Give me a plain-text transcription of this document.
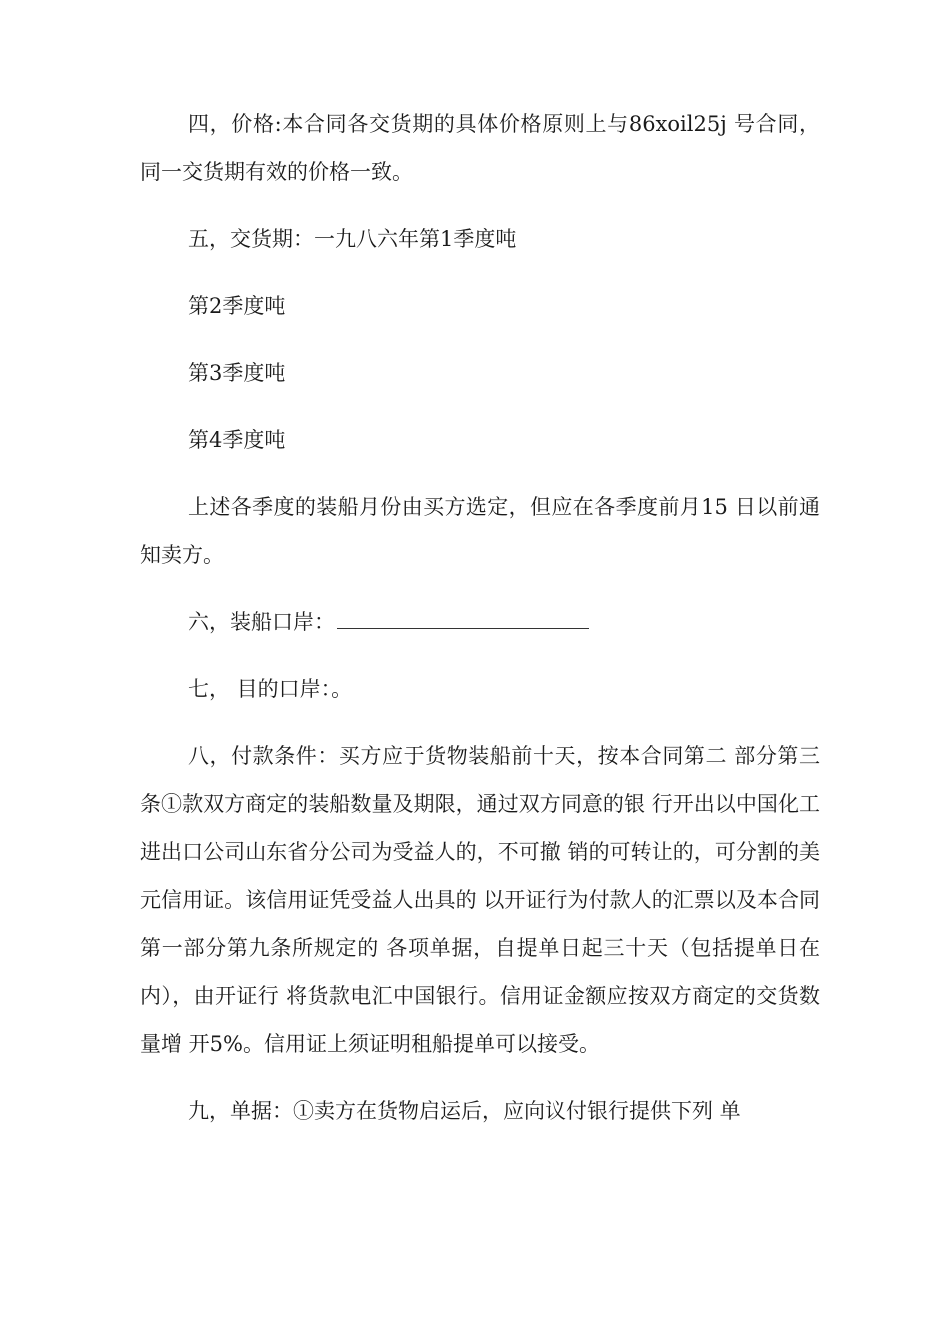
四，价格:本合同各交货期的具体价格原则上与86xoil25j 号合同，同一交货期有效的价格一致。

五，交货期：一九八六年第1季度吨

第2季度吨

第3季度吨

第4季度吨

上述各季度的装船月份由买方选定，但应在各季度前月15 日以前通知卖方。

六，装船口岸：

七， 目的口岸：。

八，付款条件：买方应于货物装船前十天，按本合同第二 部分第三条①款双方商定的装船数量及期限，通过双方同意的银 行开出以中国化工进出口公司山东省分公司为受益人的，不可撤 销的可转让的，可分割的美元信用证。该信用证凭受益人出具的 以开证行为付款人的汇票以及本合同第一部分第九条所规定的 各项单据，自提单日起三十天（包括提单日在内），由开证行 将货款电汇中国银行。信用证金额应按双方商定的交货数量增 开5%。信用证上须证明租船提单可以接受。

九，单据：①卖方在货物启运后，应向议付银行提供下列 单
